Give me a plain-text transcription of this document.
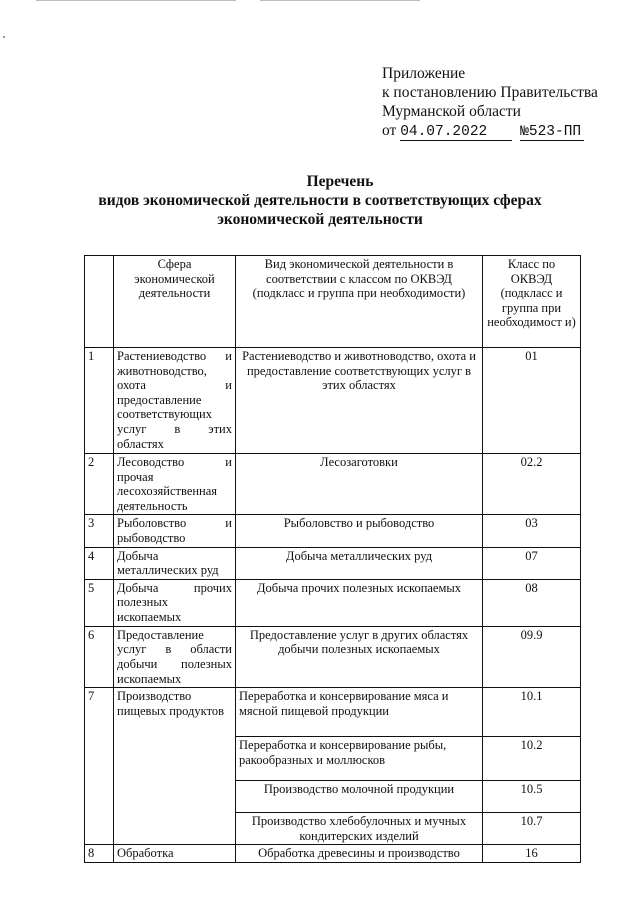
Приложение
к постановлению Правительства
Мурманской области
от 04.07.2022 №523-ПП
Перечень
видов экономической деятельности в соответствующих сферах
экономической деятельности
	Сфера экономической деятельности	Вид экономической деятельности в соответствии с классом по ОКВЭД (подкласс и группа при необходимости)	Класс по ОКВЭД (подкласс и группа при необходимост и)
1	Растениеводство и животноводство, охота и предоставление соответствующих услуг в этих областях	Растениеводство и животноводство, охота и предоставление соответствующих услуг в этих областях	01
2	Лесоводство и прочая лесохозяйственная деятельность	Лесозаготовки	02.2
3	Рыболовство и рыбоводство	Рыболовство и рыбоводство	03
4	Добыча металлических руд	Добыча металлических руд	07
5	Добыча прочих полезных ископаемых	Добыча прочих полезных ископаемых	08
6	Предоставление услуг в области добычи полезных ископаемых	Предоставление услуг в других областях добычи полезных ископаемых	09.9
7	Производство пищевых продуктов	Переработка и консервирование мяса и мясной пищевой продукции	10.1
		Переработка и консервирование рыбы, ракообразных и моллюсков	10.2
		Производство молочной продукции	10.5
		Производство хлебобулочных и мучных кондитерских изделий	10.7
8	Обработка	Обработка древесины и производство	16
